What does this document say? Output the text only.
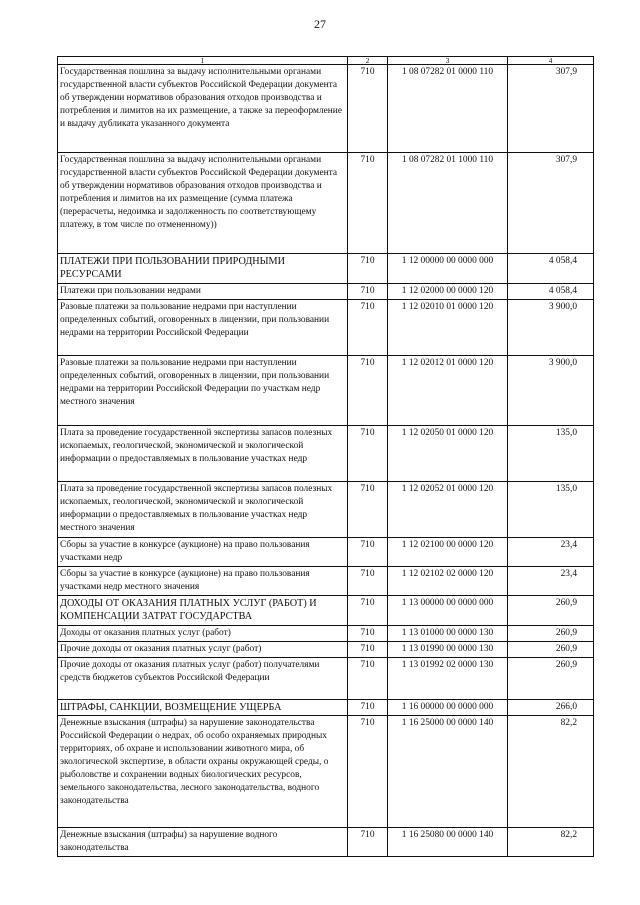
27
1	2	3	4
Государственная пошлина за выдачу исполнительными органами государственной власти субъектов Российской Федерации документа об утверждении нормативов образования отходов производства и потребления и лимитов на их размещение, а также за переоформление и выдачу дубликата указанного документа	710	1 08 07282 01 0000 110	307,9
Государственная пошлина за выдачу исполнительными органами государственной власти субъектов Российской Федерации документа об утверждении нормативов образования отходов производства и потребления и лимитов на их размещение (сумма платежа (перерасчеты, недоимка и задолженность по соответствующему платежу, в том числе по отмененному))	710	1 08 07282 01 1000 110	307,9
ПЛАТЕЖИ ПРИ ПОЛЬЗОВАНИИ ПРИРОДНЫМИ РЕСУРСАМИ	710	1 12 00000 00 0000 000	4 058,4
Платежи при пользовании недрами	710	1 12 02000 00 0000 120	4 058,4
Разовые платежи за пользование недрами при наступлении определенных событий, оговоренных в лицензии, при пользовании недрами на территории Российской Федерации	710	1 12 02010 01 0000 120	3 900,0
Разовые платежи за пользование недрами при наступлении определенных событий, оговоренных в лицензии, при пользовании недрами на территории Российской Федерации по участкам недр местного значения	710	1 12 02012 01 0000 120	3 900,0
Плата за проведение государственной экспертизы запасов полезных ископаемых, геологической, экономической и экологической информации о предоставляемых в пользование участках недр	710	1 12 02050 01 0000 120	135,0
Плата за проведение государственной экспертизы запасов полезных ископаемых, геологической, экономической и экологической информации о предоставляемых в пользование участках недр местного значения	710	1 12 02052 01 0000 120	135,0
Сборы за участие в конкурсе (аукционе) на право пользования участками недр	710	1 12 02100 00 0000 120	23,4
Сборы за участие в конкурсе (аукционе) на право пользования участками недр местного значения	710	1 12 02102 02 0000 120	23,4
ДОХОДЫ ОТ ОКАЗАНИЯ ПЛАТНЫХ УСЛУГ (РАБОТ) И КОМПЕНСАЦИИ ЗАТРАТ ГОСУДАРСТВА	710	1 13 00000 00 0000 000	260,9
Доходы от оказания платных услуг (работ)	710	1 13 01000 00 0000 130	260,9
Прочие доходы от оказания платных услуг (работ)	710	1 13 01990 00 0000 130	260,9
Прочие доходы от оказания платных услуг (работ) получателями средств бюджетов субъектов Российской Федерации	710	1 13 01992 02 0000 130	260,9
ШТРАФЫ, САНКЦИИ, ВОЗМЕЩЕНИЕ УЩЕРБА	710	1 16 00000 00 0000 000	266,0
Денежные взыскания (штрафы) за нарушение законодательства Российской Федерации о недрах, об особо охраняемых природных территориях, об охране и использовании животного мира, об экологической экспертизе, в области охраны окружающей среды, о рыболовстве и сохранении водных биологических ресурсов, земельного законодательства, лесного законодательства, водного законодательства	710	1 16 25000 00 0000 140	82,2
Денежные взыскания (штрафы) за нарушение водного законодательства	710	1 16 25080 00 0000 140	82,2
